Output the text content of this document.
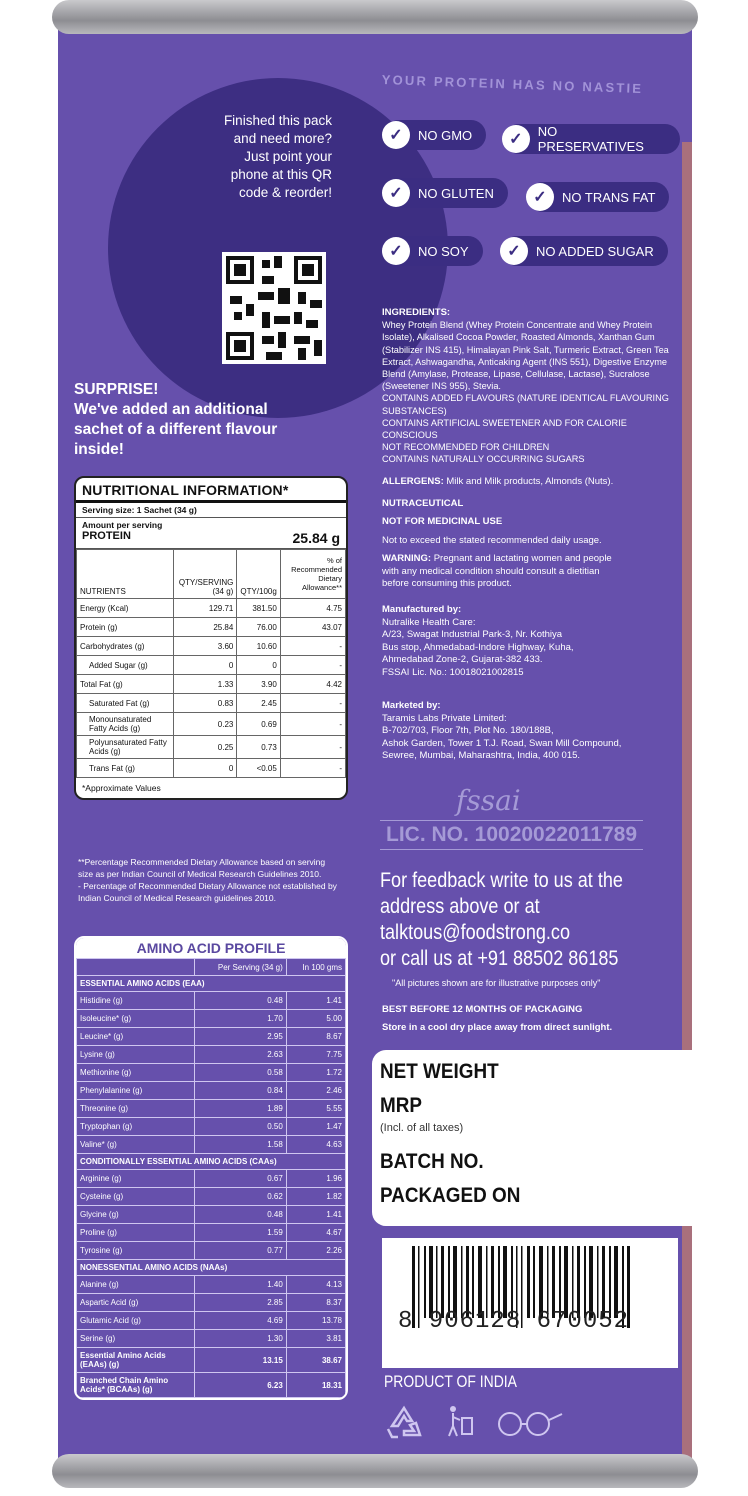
Finished this pack and need more? Just point your phone at this QR code & reorder!
SURPRISE!
We've added an additional sachet of a different flavour inside!
NUTRITIONAL INFORMATION*
Serving size: 1 Sachet (34 g)
Amount per serving
PROTEIN	25.84 g
NUTRIENTS	QTY/SERVING (34 g)	QTY/100g	% of Recommended Dietary Allowance**
Energy (Kcal)	129.71	381.50	4.75
Protein (g)	25.84	76.00	43.07
Carbohydrates (g)	3.60	10.60	-
Added Sugar (g)	0	0	-
Total Fat (g)	1.33	3.90	4.42
Saturated Fat (g)	0.83	2.45	-
Monounsaturated Fatty Acids (g)	0.23	0.69	-
Polyunsaturated Fatty Acids (g)	0.25	0.73	-
Trans Fat (g)	0	<0.05	-
*Approximate Values
**Percentage Recommended Dietary Allowance based on serving size as per Indian Council of Medical Research Guidelines 2010.
- Percentage of Recommended Dietary Allowance not established by Indian Council of Medical Research guidelines 2010.
AMINO ACID PROFILE
	Per Serving (34 g)	In 100 gms
ESSENTIAL AMINO ACIDS (EAA)		
Histidine (g)	0.48	1.41
Isoleucine* (g)	1.70	5.00
Leucine* (g)	2.95	8.67
Lysine (g)	2.63	7.75
Methionine (g)	0.58	1.72
Phenylalanine (g)	0.84	2.46
Threonine (g)	1.89	5.55
Tryptophan (g)	0.50	1.47
Valine* (g)	1.58	4.63
CONDITIONALLY ESSENTIAL AMINO ACIDS (CAAs)		
Arginine (g)	0.67	1.96
Cysteine (g)	0.62	1.82
Glycine (g)	0.48	1.41
Proline (g)	1.59	4.67
Tyrosine (g)	0.77	2.26
NONESSENTIAL AMINO ACIDS (NAAs)		
Alanine (g)	1.40	4.13
Aspartic Acid (g)	2.85	8.37
Glutamic Acid (g)	4.69	13.78
Serine (g)	1.30	3.81
Essential Amino Acids (EAAs) (g)	13.15	38.67
Branched Chain Amino Acids* (BCAAs) (g)	6.23	18.31
YOUR PROTEIN HAS NO NASTIE
✓	NO GMO	✓	NO PRESERVATIVES
✓	NO GLUTEN	✓	NO TRANS FAT
✓	NO SOY	✓	NO ADDED SUGAR
INGREDIENTS:
Whey Protein Blend (Whey Protein Concentrate and Whey Protein Isolate), Alkalised Cocoa Powder, Roasted Almonds, Xanthan Gum (Stabilizer INS 415), Himalayan Pink Salt, Turmeric Extract, Green Tea Extract, Ashwagandha, Anticaking Agent (INS 551), Digestive Enzyme Blend (Amylase, Protease, Lipase, Cellulase, Lactase), Sucralose (Sweetener INS 955), Stevia.
CONTAINS ADDED FLAVOURS (NATURE IDENTICAL FLAVOURING SUBSTANCES)
CONTAINS ARTIFICIAL SWEETENER AND FOR CALORIE CONSCIOUS
NOT RECOMMENDED FOR CHILDREN
CONTAINS NATURALLY OCCURRING SUGARS
ALLERGENS: Milk and Milk products, Almonds (Nuts).
NUTRACEUTICAL
NOT FOR MEDICINAL USE
Not to exceed the stated recommended daily usage.
WARNING: Pregnant and lactating women and people with any medical condition should consult a dietitian before consuming this product.
Manufactured by:
Nutralike Health Care:
A/23, Swagat Industrial Park-3, Nr. Kothiya
Bus stop, Ahmedabad-Indore Highway, Kuha,
Ahmedabad Zone-2, Gujarat-382 433.
FSSAI Lic. No.: 10018021002815
Marketed by:
Taramis Labs Private Limited:
B-702/703, Floor 7th, Plot No. 180/188B,
Ashok Garden, Tower 1 T.J. Road, Swan Mill Compound,
Sewree, Mumbai, Maharashtra, India, 400 015.
fssai
LIC. NO. 10020022011789
For feedback write to us at the
address above or at
talktous@foodstrong.co
or call us at +91 88502 86185
"All pictures shown are for illustrative purposes only"
BEST BEFORE 12 MONTHS OF PACKAGING
Store in a cool dry place away from direct sunlight.
NET WEIGHT
MRP
(Incl. of all taxes)
BATCH NO.
PACKAGED ON
8 906128 670052
PRODUCT OF INDIA
